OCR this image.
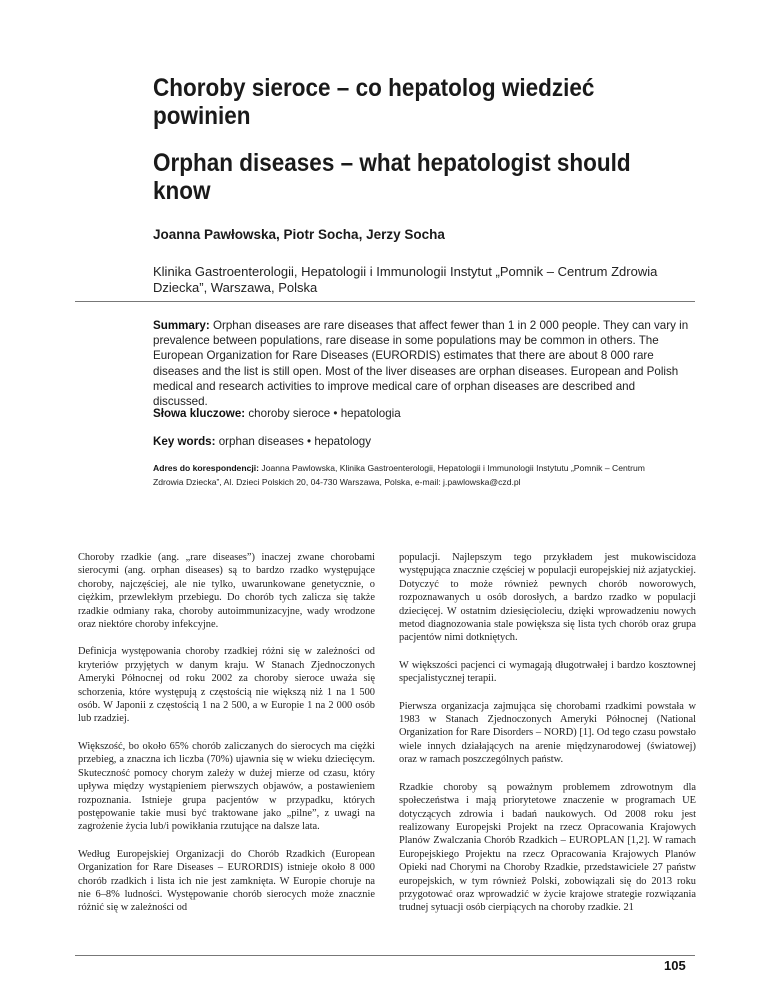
Choroby sieroce – co hepatolog wiedzieć powinien
Orphan diseases – what hepatologist should know

Joanna Pawłowska, Piotr Socha, Jerzy Socha

Klinika Gastroenterologii, Hepatologii i Immunologii Instytut „Pomnik – Centrum Zdrowia Dziecka”, Warszawa, Polska

Summary: Orphan diseases are rare diseases that affect fewer than 1 in 2 000 people. They can vary in prevalence between populations, rare disease in some populations may be common in others. The European Organization for Rare Diseases (EURORDIS) estimates that there are about 8 000 rare diseases and the list is still open. Most of the liver diseases are orphan diseases. European and Polish medical and research activities to improve medical care of orphan diseases are described and discussed.

Słowa kluczowe: choroby sieroce • hepatologia

Key words: orphan diseases • hepatology

Adres do korespondencji: Joanna Pawlowska, Klinika Gastroenterologii, Hepatologii i Immunologii Instytutu „Pomnik – Centrum Zdrowia Dziecka”, Al. Dzieci Polskich 20, 04-730 Warszawa, Polska, e-mail: j.pawlowska@czd.pl

Choroby rzadkie (ang. „rare diseases”) inaczej zwane chorobami sierocymi (ang. orphan diseases) są to bardzo rzadko występujące choroby, najczęściej, ale nie tylko, uwarunkowane genetycznie, o ciężkim, przewlekłym przebiegu. Do chorób tych zalicza się także rzadkie odmiany raka, choroby autoimmunizacyjne, wady wrodzone oraz niektóre choroby infekcyjne.

Definicja występowania choroby rzadkiej różni się w zależności od kryteriów przyjętych w danym kraju. W Stanach Zjednoczonych Ameryki Północnej od roku 2002 za choroby sieroce uważa się schorzenia, które występują z częstością nie większą niż 1 na 1 500 osób. W Japonii z częstością 1 na 2 500, a w Europie 1 na 2 000 osób lub rzadziej.

Większość, bo około 65% chorób zaliczanych do sierocych ma ciężki przebieg, a znaczna ich liczba (70%) ujawnia się w wieku dziecięcym. Skuteczność pomocy chorym zależy w dużej mierze od czasu, który upływa między wystąpieniem pierwszych objawów, a postawieniem rozpoznania. Istnieje grupa pacjentów w przypadku, których postępowanie takie musi być traktowane jako „pilne”, z uwagi na zagrożenie życia lub/i powikłania rzutujące na dalsze lata.

Według Europejskiej Organizacji do Chorób Rzadkich (European Organization for Rare Diseases – EURORDIS) istnieje około 8 000 chorób rzadkich i lista ich nie jest zamknięta. W Europie choruje na nie 6–8% ludności. Występowanie chorób sierocych może znacznie różnić się w zależności od

populacji. Najlepszym tego przykładem jest mukowiscidoza występująca znacznie częściej w populacji europejskiej niż azjatyckiej. Dotyczyć to może również pewnych chorób noworowych, rozpoznawanych u osób dorosłych, a bardzo rzadko w populacji dziecięcej. W ostatnim dziesięcioleciu, dzięki wprowadzeniu nowych metod diagnozowania stale powiększa się lista tych chorób oraz grupa pacjentów nimi dotkniętych.

W większości pacjenci ci wymagają długotrwałej i bardzo kosztownej specjalistycznej terapii.

Pierwsza organizacja zajmująca się chorobami rzadkimi powstała w 1983 w Stanach Zjednoczonych Ameryki Północnej (National Organization for Rare Disorders – NORD) [1]. Od tego czasu powstało wiele innych działających na arenie międzynarodowej (światowej) oraz w ramach poszczególnych państw.

Rzadkie choroby są poważnym problemem zdrowotnym dla społeczeństwa i mają priorytetowe znaczenie w programach UE dotyczących zdrowia i badań naukowych. Od 2008 roku jest realizowany Europejski Projekt na rzecz Opracowania Krajowych Planów Zwalczania Chorób Rzadkich – EUROPLAN [1,2]. W ramach Europejskiego Projektu na rzecz Opracowania Krajowych Planów Opieki nad Chorymi na Choroby Rzadkie, przedstawiciele 27 państw europejskich, w tym również Polski, zobowiązali się do 2013 roku przygotować oraz wprowadzić w życie krajowe strategie rozwiązania trudnej sytuacji osób cierpiących na choroby rzadkie. 21

105
